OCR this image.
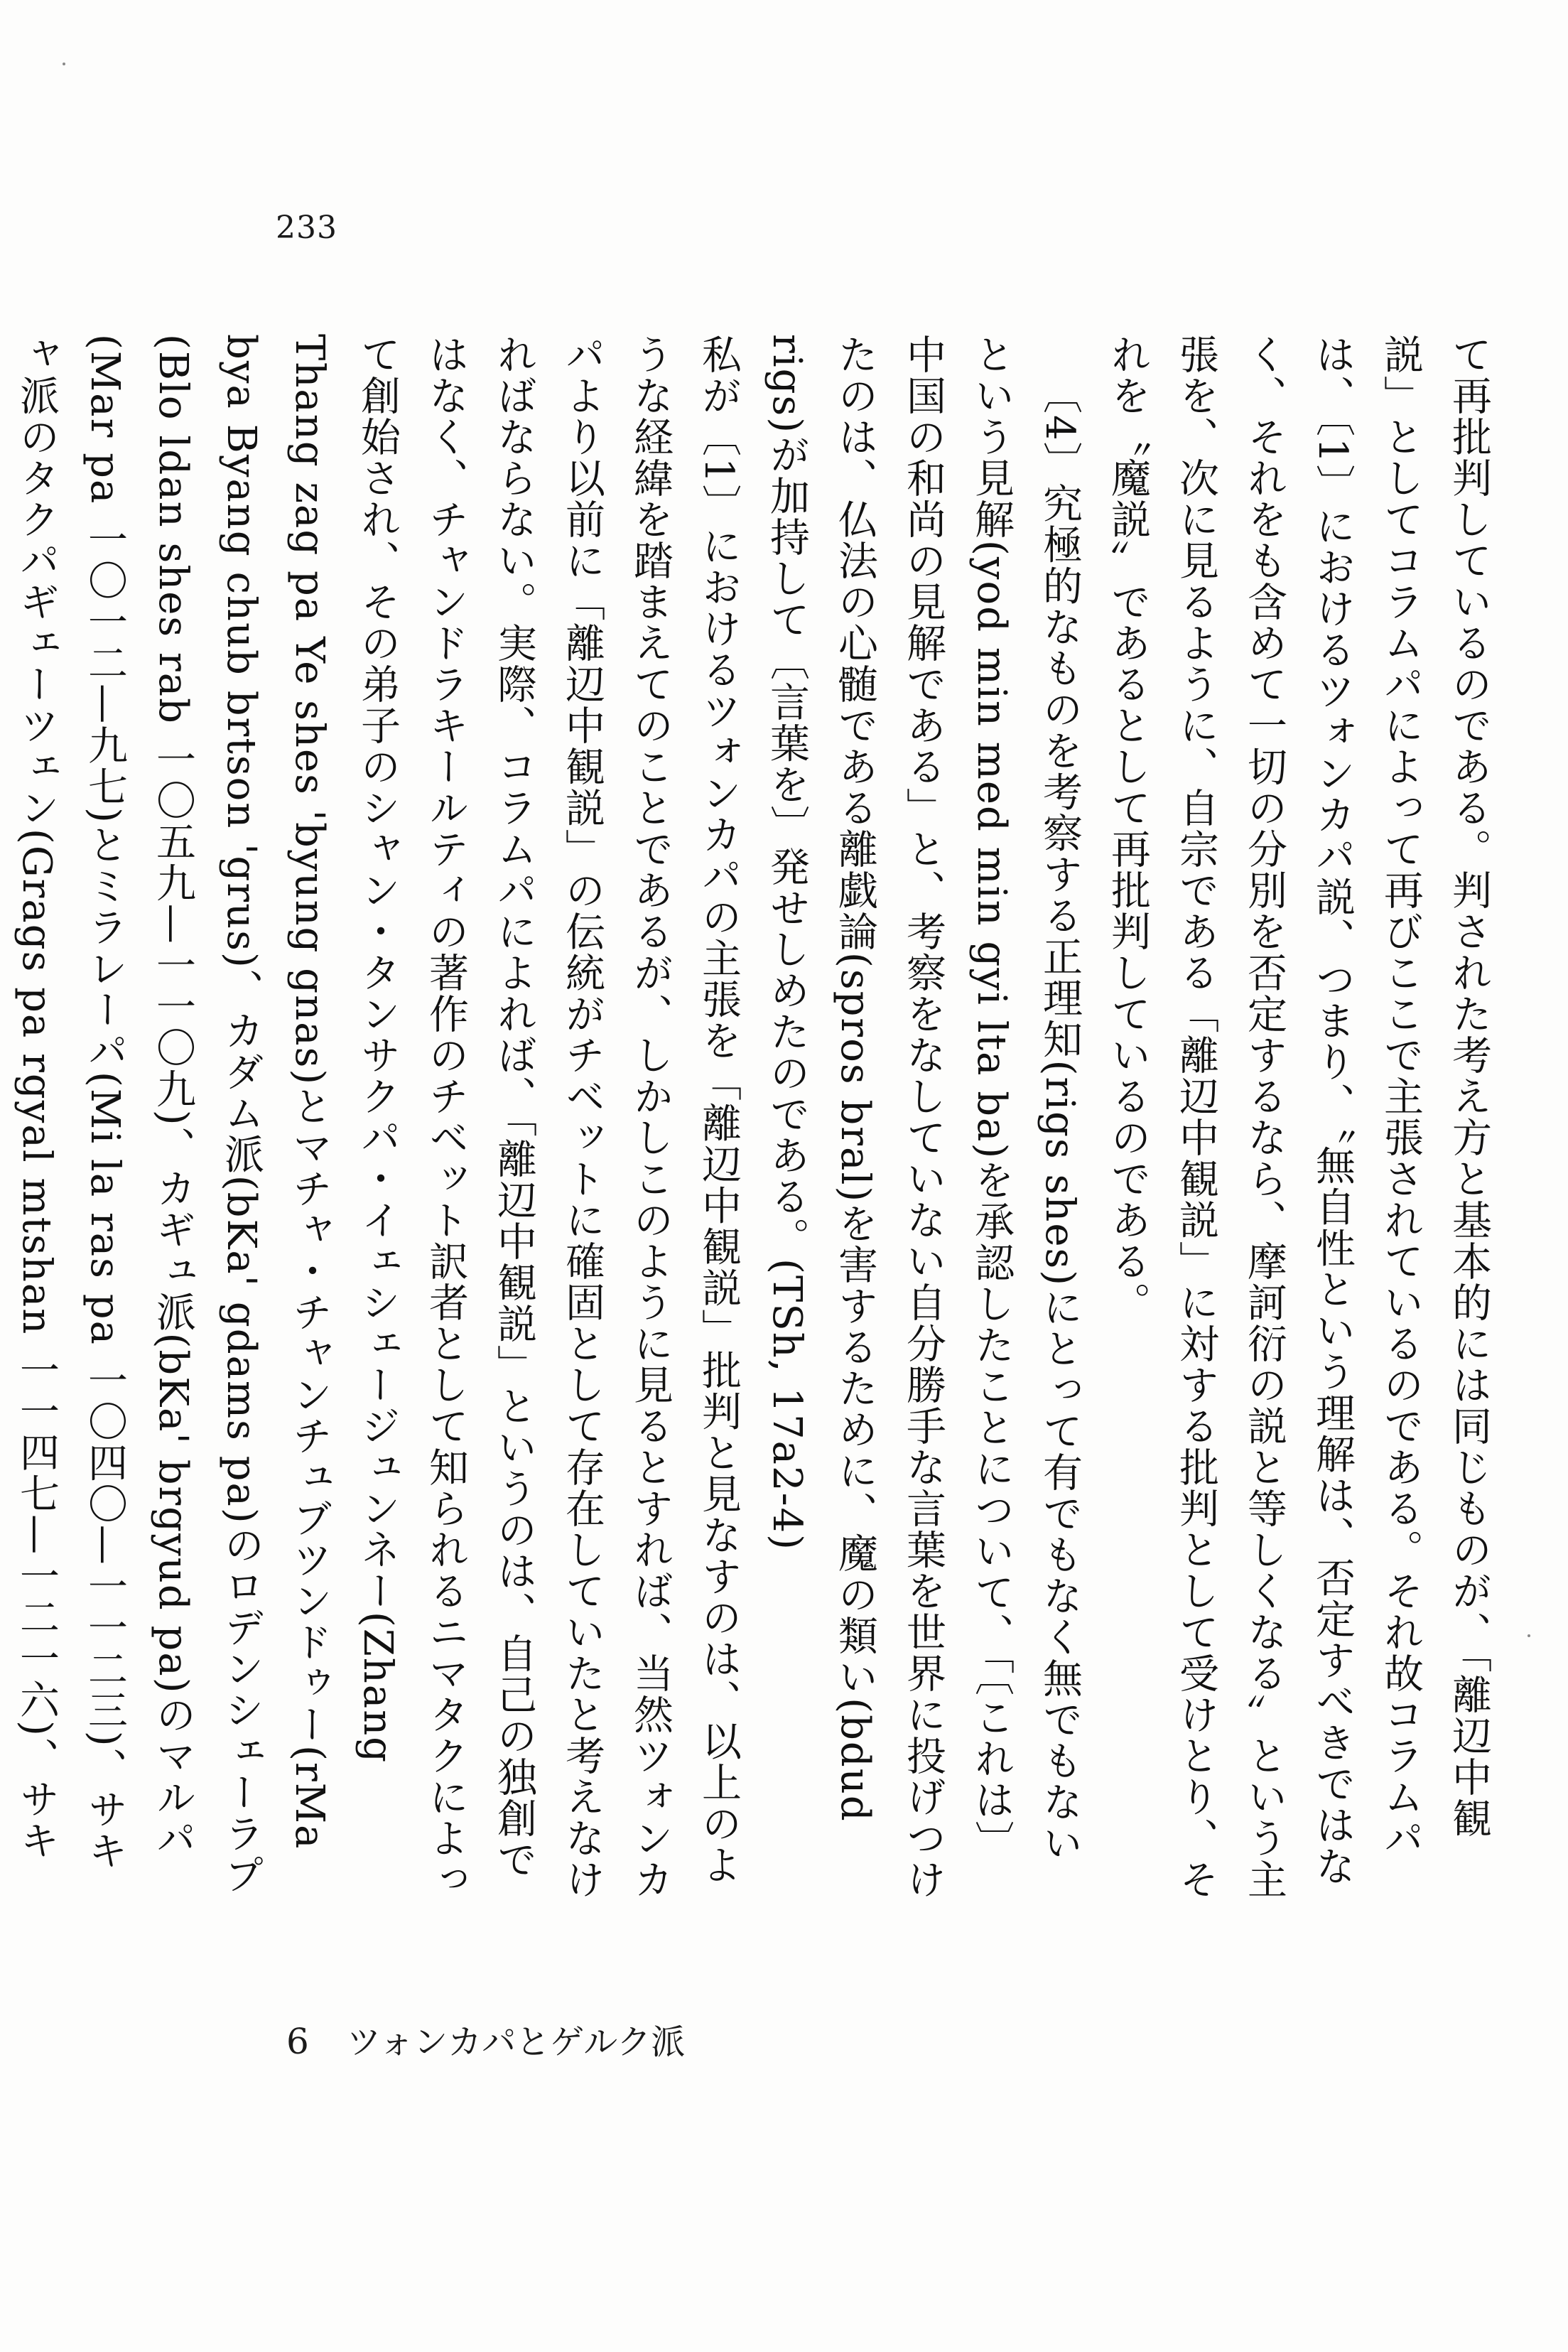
233

て再批判しているのである。判された考え方と基本的には同じものが、「離辺中観説」としてコラムパによって再びここで主張されているのである。それ故コラムパは、〔1〕におけるツォンカパ説、つまり、〝無自性という理解は、否定すべきではなく、それをも含めて一切の分別を否定するなら、摩訶衍の説と等しくなる〟という主張を、次に見るように、自宗である「離辺中観説」に対する批判として受けとり、それを〝魔説〟であるとして再批判しているのである。

〔4〕究極的なものを考察する正理知(rigs shes)にとって有でもなく無でもないという見解(yod min med min gyi lta ba)を承認したことについて、「〔これは〕中国の和尚の見解である」と、考察をなしていない自分勝手な言葉を世界に投げつけたのは、仏法の心髄である離戯論(spros bral)を害するために、魔の類い(bdud rigs)が加持して〔言葉を〕発せしめたのである。(TSh, 17a2-4)

私が〔1〕におけるツォンカパの主張を「離辺中観説」批判と見なすのは、以上のような経緯を踏まえてのことであるが、しかしこのように見るとすれば、当然ツォンカパより以前に「離辺中観説」の伝統がチベットに確固として存在していたと考えなければならない。実際、コラムパによれば、「離辺中観説」というのは、自己の独創ではなく、チャンドラキールティの著作のチベット訳者として知られるニマタクによって創始され、その弟子のシャン・タンサクパ・イェシェージュンネー(Zhang Thang zag pa Ye shes 'byung gnas)とマチャ・チャンチュブツンドゥー(rMa bya Byang chub brtson 'grus)、カダム派(bKa' gdams pa)のロデンシェーラプ(Blo ldan shes rab 一〇五九—一一〇九)、カギュ派(bKa' brgyud pa)のマルパ(Mar pa 一〇一二—九七)とミラレーパ(Mi la ras pa 一〇四〇—一一二三)、サキャ派のタクパギェーツェン(Grags pa rgyal mtshan 一一四七—一二一六)、サキ

6 ツォンカパとゲルク派
